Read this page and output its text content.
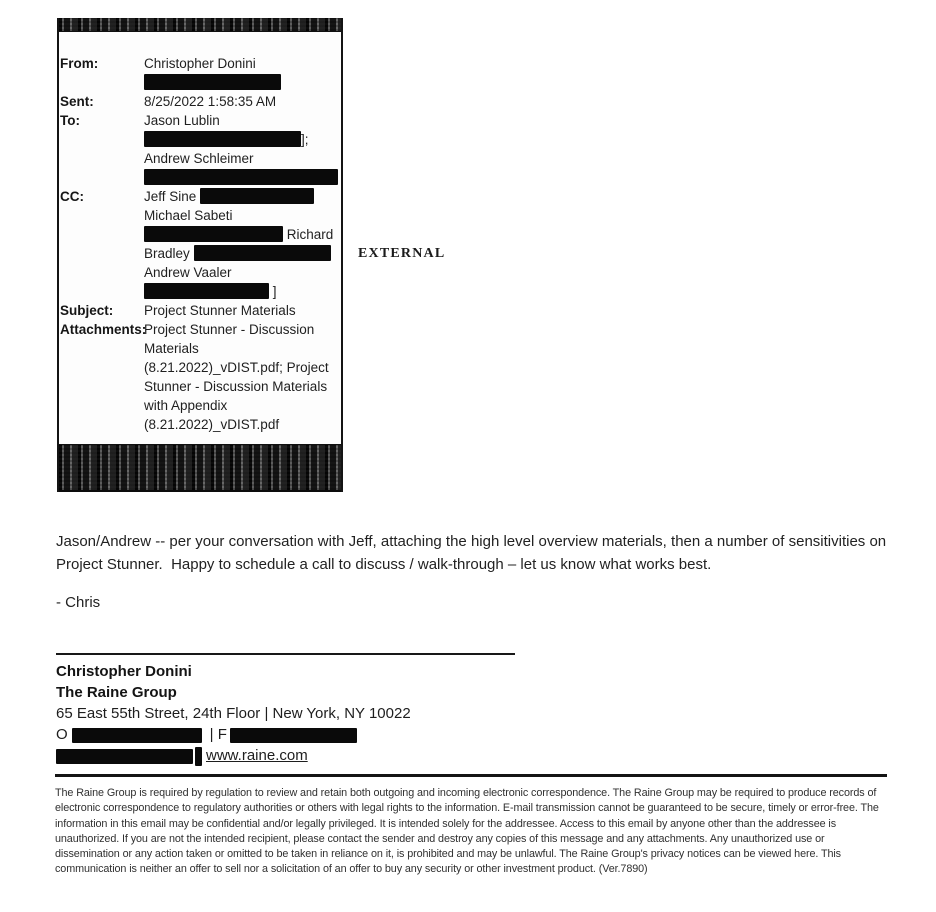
From:	Christopher Donini
Sent:	8/25/2022 1:58:35 AM
To:	Jason Lublin
];
Andrew Schleimer
CC:	Jeff Sine
Michael Sabeti
Richard
Bradley
Andrew Vaaler
]
Subject:	Project Stunner Materials
Attachments:
Project Stunner - Discussion
Materials
(8.21.2022)_vDIST.pdf; Project
Stunner - Discussion Materials
with Appendix
(8.21.2022)_vDIST.pdf
EXTERNAL
Jason/Andrew -- per your conversation with Jeff, attaching the high level overview materials, then a number of sensitivities on Project Stunner.  Happy to schedule a call to discuss / walk-through – let us know what works best.
- Chris
Christopher Donini
The Raine Group
65 East 55th Street, 24th Floor | New York, NY 10022
O	| F
www.raine.com
The Raine Group is required by regulation to review and retain both outgoing and incoming electronic correspondence. The Raine Group may be required to produce records of electronic correspondence to regulatory authorities or others with legal rights to the information. E-mail transmission cannot be guaranteed to be secure, timely or error-free. The information in this email may be confidential and/or legally privileged. It is intended solely for the addressee. Access to this email by anyone other than the addressee is unauthorized. If you are not the intended recipient, please contact the sender and destroy any copies of this message and any attachments. Any unauthorized use or dissemination or any action taken or omitted to be taken in reliance on it, is prohibited and may be unlawful. The Raine Group's privacy notices can be viewed here. This communication is neither an offer to sell nor a solicitation of an offer to buy any security or other investment product. (Ver.7890)
